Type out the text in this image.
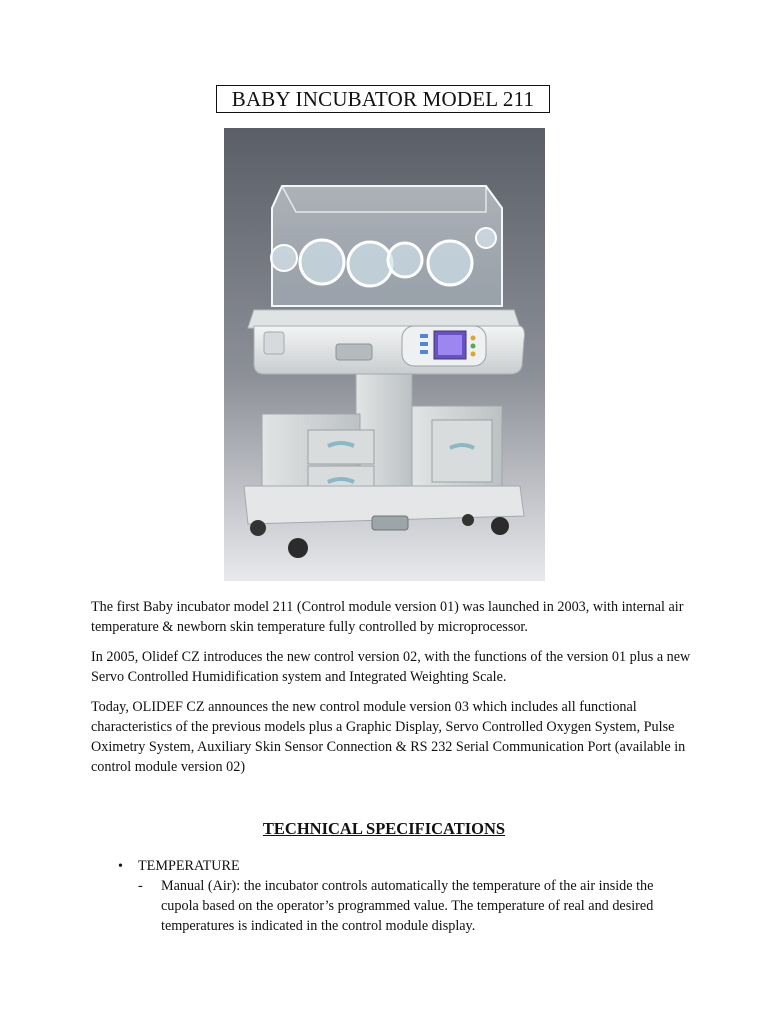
BABY INCUBATOR MODEL 211

The first Baby incubator model 211 (Control module version 01) was launched in 2003, with internal air temperature & newborn skin temperature fully controlled by microprocessor.

In 2005, Olidef CZ introduces the new control version 02, with the functions of the version 01 plus a new Servo Controlled Humidification system and Integrated Weighting Scale.

Today, OLIDEF CZ announces the new control module version 03 which includes all functional characteristics of the previous models plus a Graphic Display, Servo Controlled Oxygen System, Pulse Oximetry System, Auxiliary Skin Sensor Connection & RS 232 Serial Communication Port (available in control module version 02)

TECHNICAL SPECIFICATIONS
• TEMPERATURE
- Manual (Air): the incubator controls automatically the temperature of the air inside the cupola based on the operator’s programmed value. The temperature of real and desired temperatures is indicated in the control module display.
